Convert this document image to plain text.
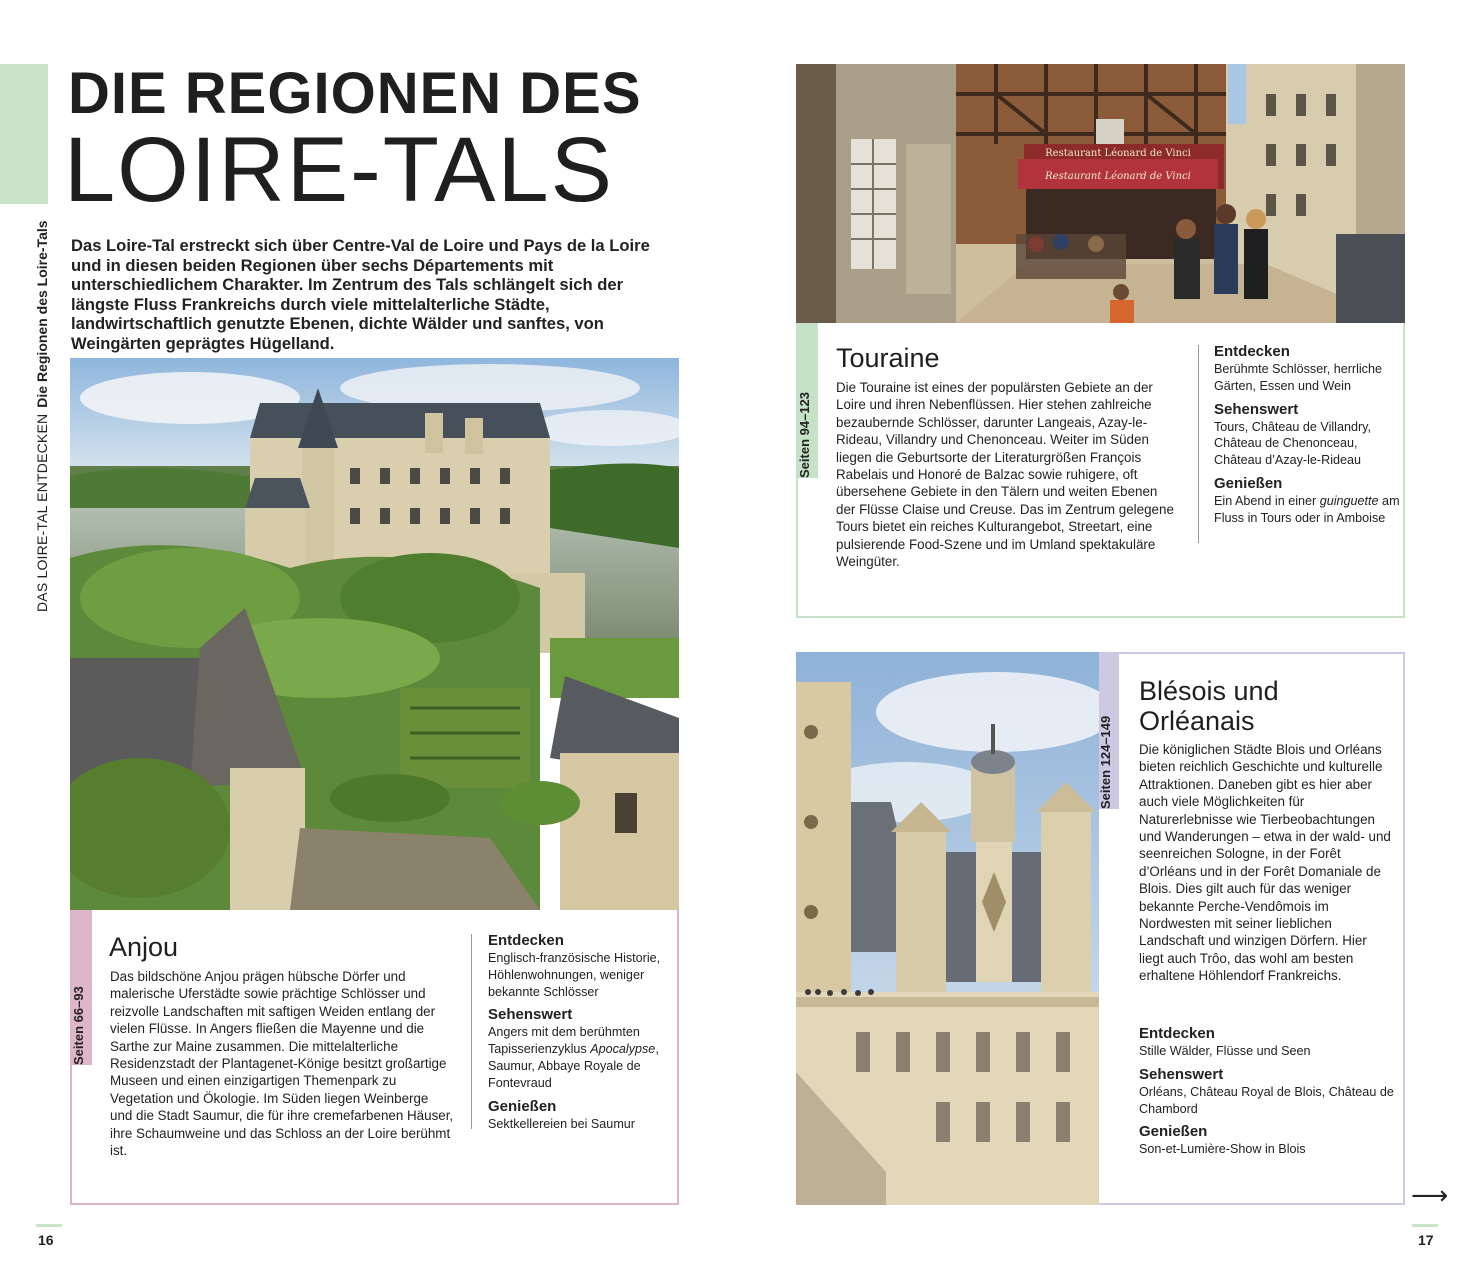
DAS LOIRE-TAL ENTDECKENDie Regionen des Loire-Tals
DIE REGIONEN DES
LOIRE-TALS
Das Loire-Tal erstreckt sich über Centre-Val de Loire und Pays de la Loire und in diesen beiden Regionen über sechs Départements mit unterschiedlichem Charakter. Im Zentrum des Tals schlängelt sich der längste Fluss Frankreichs durch viele mittelalterliche Städte, landwirtschaftlich genutzte Ebenen, dichte Wälder und sanftes, von Weingärten geprägtes Hügelland.
Seiten 66–93
Anjou
Das bildschöne Anjou prägen hübsche Dörfer und malerische Uferstädte sowie prächtige Schlösser und reizvolle Landschaften mit saftigen Weiden entlang der vielen Flüsse. In Angers fließen die Mayenne und die Sarthe zur Maine zusammen. Die mittelalterliche Residenzstadt der Plantagenet-Könige besitzt großartige Museen und einen einzigartigen Themenpark zu Vegetation und Ökologie. Im Süden liegen Weinberge und die Stadt Saumur, die für ihre cremefarbenen Häuser, ihre Schaumweine und das Schloss an der Loire berühmt ist.
Entdecken
Englisch-französische Historie, Höhlenwohnungen, weniger bekannte Schlösser
Sehenswert
Angers mit dem berühmten Tapisserienzyklus Apocalypse, Saumur, Abbaye Royale de Fontevraud
Genießen
Sektkellereien bei Saumur
16
Restaurant Léonard de Vinci
Restaurant Léonard de Vinci
Seiten 94–123
Touraine
Die Touraine ist eines der populärsten Gebiete an der Loire und ihren Nebenflüssen. Hier stehen zahlreiche bezaubernde Schlösser, darunter Langeais, Azay-le-Rideau, Villandry und Chenonceau. Weiter im Süden liegen die Geburtsorte der Literaturgrößen François Rabelais und Honoré de Balzac sowie ruhigere, oft übersehene Gebiete in den Tälern und weiten Ebenen der Flüsse Claise und Creuse. Das im Zentrum gelegene Tours bietet ein reiches Kulturangebot, Streetart, eine pulsierende Food-Szene und im Umland spektakuläre Weingüter.
Entdecken
Berühmte Schlösser, herrliche Gärten, Essen und Wein
Sehenswert
Tours, Château de Villandry, Château de Chenonceau, Château d’Azay-le-Rideau
Genießen
Ein Abend in einer guinguette am Fluss in Tours oder in Amboise
Seiten 124–149
Blésois und
Orléanais
Die königlichen Städte Blois und Orléans bieten reichlich Geschichte und kulturelle Attraktionen. Daneben gibt es hier aber auch viele Möglichkeiten für Naturerlebnisse wie Tierbeobachtungen und Wanderungen – etwa in der wald- und seenreichen Sologne, in der Forêt d’Orléans und in der Forêt Domaniale de Blois. Dies gilt auch für das weniger bekannte Perche-Vendômois im Nordwesten mit seiner lieblichen Landschaft und winzigen Dörfern. Hier liegt auch Trôo, das wohl am besten erhaltene Höhlendorf Frankreichs.
Entdecken
Stille Wälder, Flüsse und Seen
Sehenswert
Orléans, Château Royal de Blois, Château de Chambord
Genießen
Son-et-Lumière-Show in Blois
⟶
17
